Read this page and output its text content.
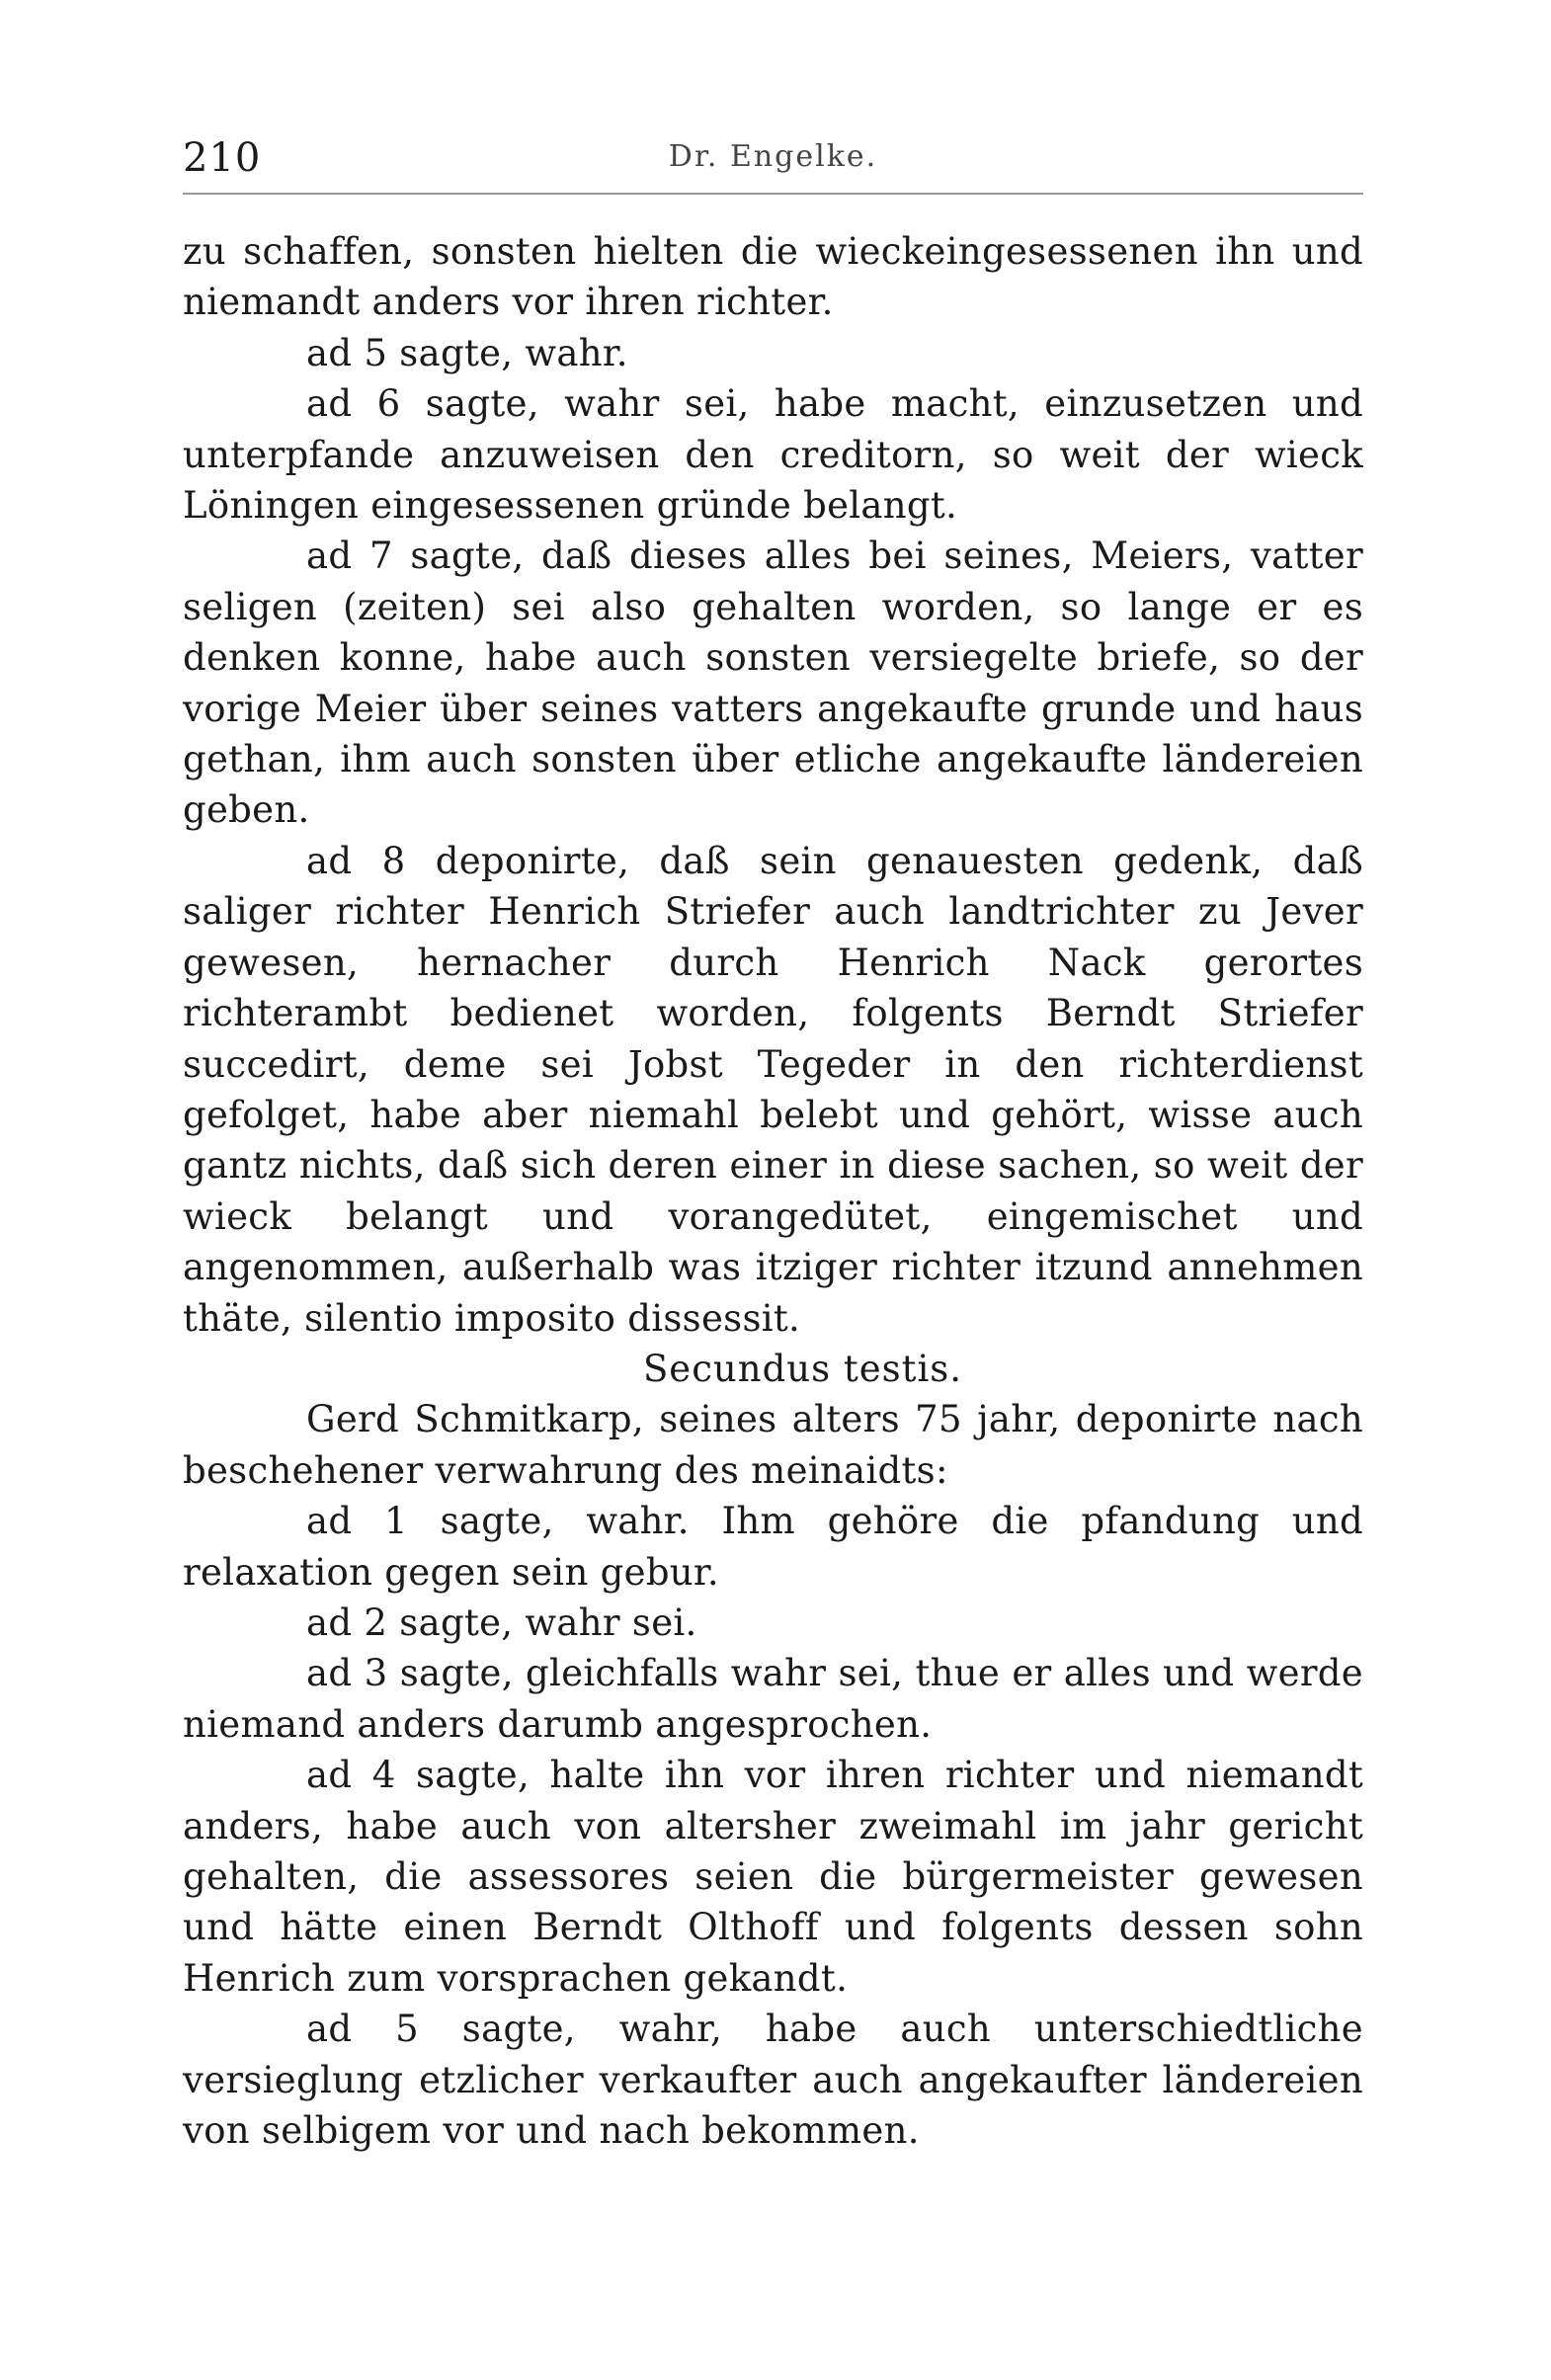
210	Dr. Engelke.

zu schaffen, sonsten hielten die wieckeingesessenen ihn und niemandt anders vor ihren richter.

ad 5 sagte, wahr.

ad 6 sagte, wahr sei, habe macht, einzusetzen und unterpfande anzuweisen den creditorn, so weit der wieck Löningen eingesessenen gründe belangt.

ad 7 sagte, daß dieses alles bei seines, Meiers, vatter seligen (zeiten) sei also gehalten worden, so lange er es denken konne, habe auch sonsten versiegelte briefe, so der vorige Meier über seines vatters angekaufte grunde und haus gethan, ihm auch sonsten über etliche angekaufte ländereien geben.

ad 8 deponirte, daß sein genauesten gedenk, daß saliger richter Henrich Striefer auch landtrichter zu Jever gewesen, hernacher durch Henrich Nack gerortes richterambt bedienet worden, folgents Berndt Striefer succedirt, deme sei Jobst Tegeder in den richterdienst gefolget, habe aber niemahl belebt und gehört, wisse auch gantz nichts, daß sich deren einer in diese sachen, so weit der wieck belangt und vorangedütet, eingemischet und angenommen, außerhalb was itziger richter itzund annehmen thäte, silentio imposito dissessit.

Secundus testis.

Gerd Schmitkarp, seines alters 75 jahr, deponirte nach beschehener verwahrung des meinaidts:

ad 1 sagte, wahr. Ihm gehöre die pfandung und relaxation gegen sein gebur.

ad 2 sagte, wahr sei.

ad 3 sagte, gleichfalls wahr sei, thue er alles und werde niemand anders darumb angesprochen.

ad 4 sagte, halte ihn vor ihren richter und niemandt anders, habe auch von altersher zweimahl im jahr gericht gehalten, die assessores seien die bürgermeister gewesen und hätte einen Berndt Olthoff und folgents dessen sohn Henrich zum vorsprachen gekandt.

ad 5 sagte, wahr, habe auch unterschiedtliche versieglung etzlicher verkaufter auch angekaufter ländereien von selbigem vor und nach bekommen.
